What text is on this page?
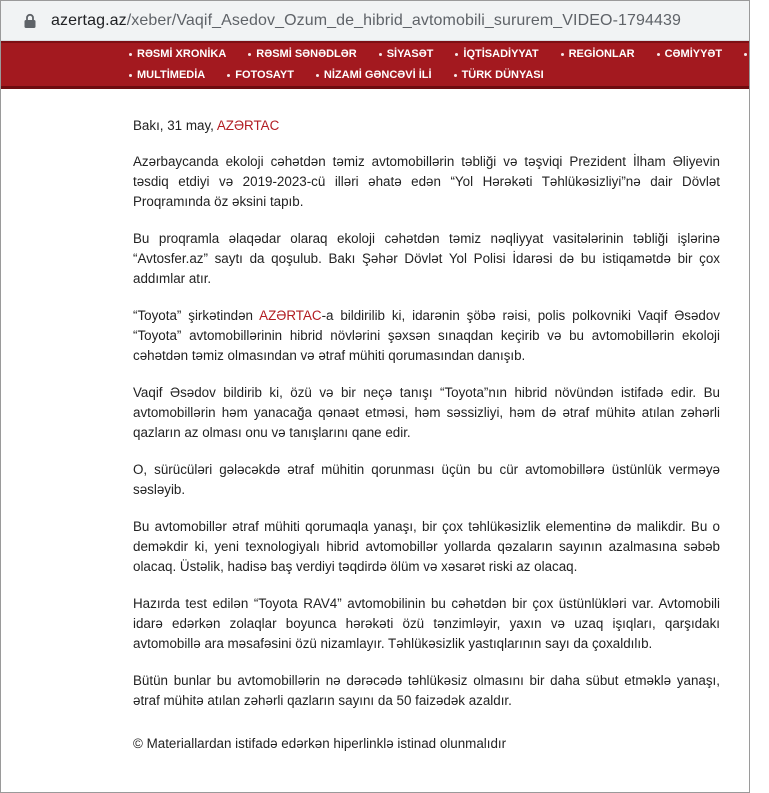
azertag.az/xeber/Vaqif_Asedov_Ozum_de_hibrid_avtomobili_sururem_VIDEO-1794439
RƏSMİ XRONİKA	RƏSMİ SƏNƏDLƏR	SİYASƏT	İQTİSADİYYAT	REGİONLAR	CƏMİYYƏT	MƏ
MULTİMEDİA	FOTOSAYT	NİZAMİ GƏNCƏVİ İLİ	TÜRK DÜNYASI

Bakı, 31 may, AZƏRTAC

Azərbaycanda ekoloji cəhətdən təmiz avtomobillərin təbliği və təşviqi Prezident İlham Əliyevin təsdiq etdiyi və 2019-2023-cü illəri əhatə edən “Yol Hərəkəti Təhlükəsizliyi”nə dair Dövlət Proqramında öz əksini tapıb.

Bu proqramla əlaqədar olaraq ekoloji cəhətdən təmiz nəqliyyat vasitələrinin təbliği işlərinə “Avtosfer.az” saytı da qoşulub. Bakı Şəhər Dövlət Yol Polisi İdarəsi də bu istiqamətdə bir çox addımlar atır.

“Toyota” şirkətindən AZƏRTAC-a bildirilib ki, idarənin şöbə rəisi, polis polkovniki Vaqif Əsədov “Toyota” avtomobillərinin hibrid növlərini şəxsən sınaqdan keçirib və bu avtomobillərin ekoloji cəhətdən təmiz olmasından və ətraf mühiti qorumasından danışıb.

Vaqif Əsədov bildirib ki, özü və bir neçə tanışı “Toyota”nın hibrid növündən istifadə edir. Bu avtomobillərin həm yanacağa qənaət etməsi, həm səssizliyi, həm də ətraf mühitə atılan zəhərli qazların az olması onu və tanışlarını qane edir.

O, sürücüləri gələcəkdə ətraf mühitin qorunması üçün bu cür avtomobillərə üstünlük verməyə səsləyib.

Bu avtomobillər ətraf mühiti qorumaqla yanaşı, bir çox təhlükəsizlik elementinə də malikdir. Bu o deməkdir ki, yeni texnologiyalı hibrid avtomobillər yollarda qəzaların sayının azalmasına səbəb olacaq. Üstəlik, hadisə baş verdiyi təqdirdə ölüm və xəsarət riski az olacaq.

Hazırda test edilən “Toyota RAV4” avtomobilinin bu cəhətdən bir çox üstünlükləri var. Avtomobili idarə edərkən zolaqlar boyunca hərəkəti özü tənzimləyir, yaxın və uzaq işıqları, qarşıdakı avtomobillə ara məsafəsini özü nizamlayır. Təhlükəsizlik yastıqlarının sayı da çoxaldılıb.

Bütün bunlar bu avtomobillərin nə dərəcədə təhlükəsiz olmasını bir daha sübut etməklə yanaşı, ətraf mühitə atılan zəhərli qazların sayını da 50 faizədək azaldır.

© Materiallardan istifadə edərkən hiperlinklə istinad olunmalıdır
